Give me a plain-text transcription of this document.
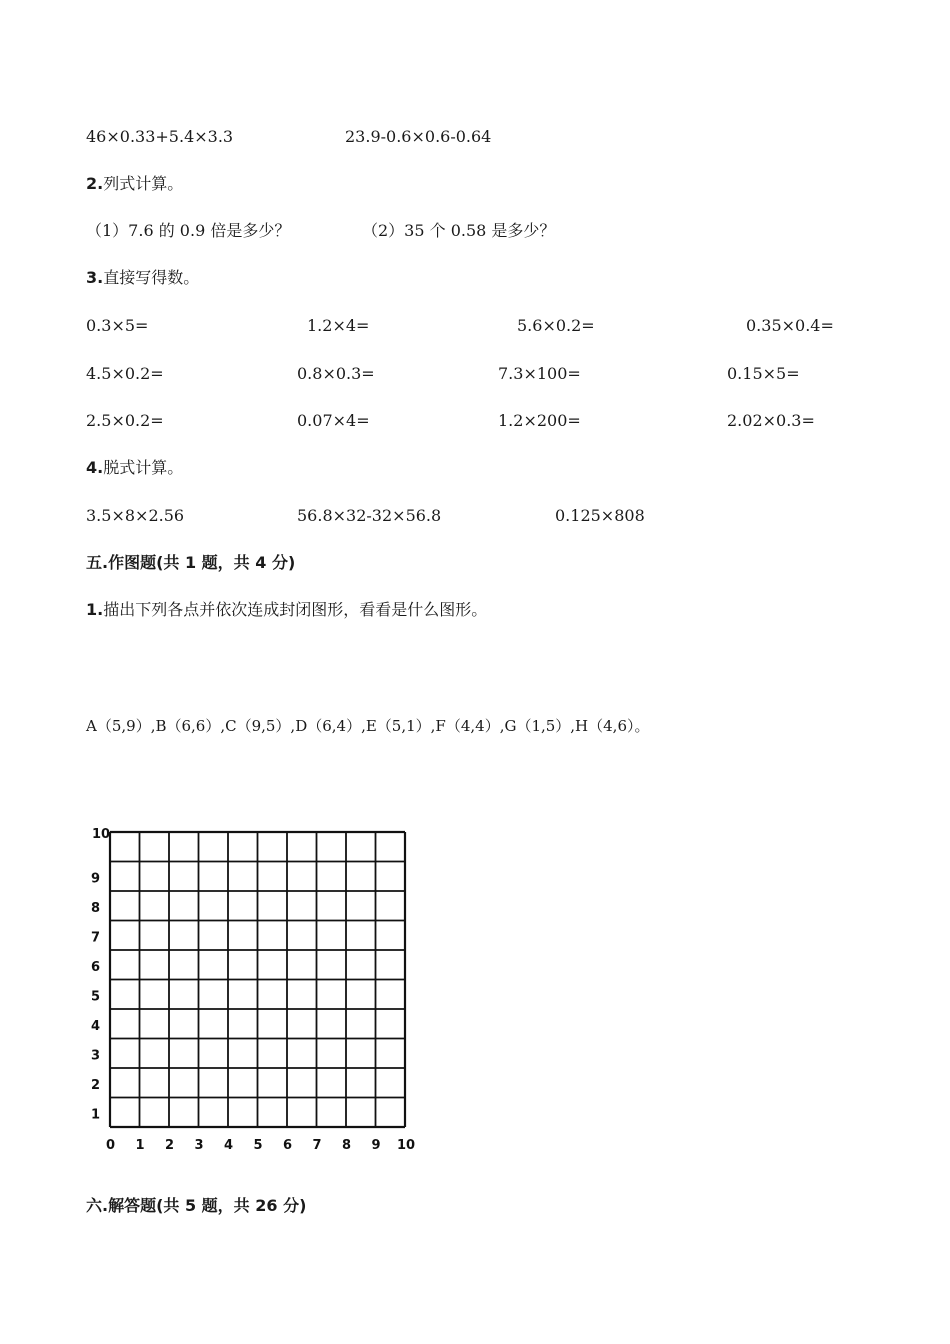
46×0.33+5.4×3.3	23.9-0.6×0.6-0.64
2.列式计算。
（1）7.6 的 0.9 倍是多少？	（2）35 个 0.58 是多少？
3.直接写得数。
0.3×5=	1.2×4=	5.6×0.2=	0.35×0.4=
4.5×0.2=	0.8×0.3=	7.3×100=	0.15×5=
2.5×0.2=	0.07×4=	1.2×200=	2.02×0.3=
4.脱式计算。
3.5×8×2.56	56.8×32-32×56.8	0.125×808
五.作图题(共 1 题，共 4 分)
1.描出下列各点并依次连成封闭图形，看看是什么图形。
A（5,9）,B（6,6）,C（9,5）,D（6,4）,E（5,1）,F（4,4）,G（1,5）,H（4,6）。
0 1 2 3 4 5 6 7 8 9 10
1
2
3
4
5
6
7
8
9
10
六.解答题(共 5 题，共 26 分)
